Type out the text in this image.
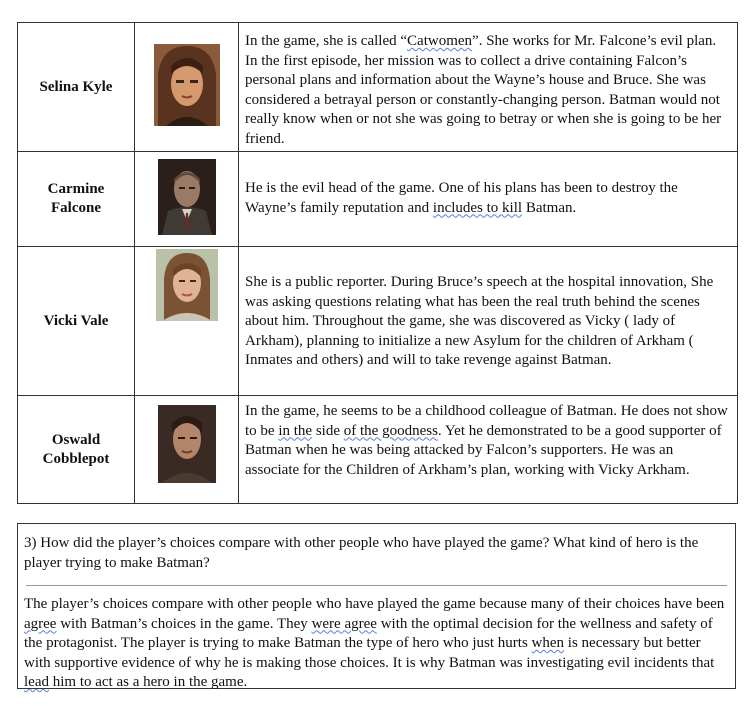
Selina Kyle		In the game, she is called “Catwomen”. She works for Mr. Falcone’s evil plan. In the first episode, her mission was to collect a drive containing Falcon’s personal plans and information about the Wayne’s house and Bruce. She was considered a betrayal person or constantly-changing person. Batman would not really know when or not she was going to betray or when she is going to be her friend.

Carmine Falcone		He is the evil head of the game. One of his plans has been to destroy the Wayne’s family reputation and includes to kill Batman.

Vicki Vale		She is a public reporter. During Bruce’s speech at the hospital innovation, She was asking questions relating what has been the real truth behind the scenes about him. Throughout the game, she was discovered as Vicky ( lady of Arkham), planning to initialize a new Asylum for the children of Arkham ( Inmates and others) and will to take revenge against Batman.

Oswald Cobblepot		In the game, he seems to be a childhood colleague of Batman. He does not show to be in the side of the goodness. Yet he demonstrated to be a good supporter of Batman when he was being attacked by Falcon’s supporters. He was an associate for the Children of Arkham’s plan, working with Vicky Arkham.
3) How did the player’s choices compare with other people who have played the game? What kind of hero is the player trying to make Batman?
The player’s choices compare with other people who have played the game because many of their choices have been agree with Batman’s choices in the game. They were agree with the optimal decision for the wellness and safety of the protagonist. The player is trying to make Batman the type of hero who just hurts when is necessary but better with supportive evidence of why he is making those choices. It is why Batman was investigating evil incidents that lead him to act as a hero in the game.
